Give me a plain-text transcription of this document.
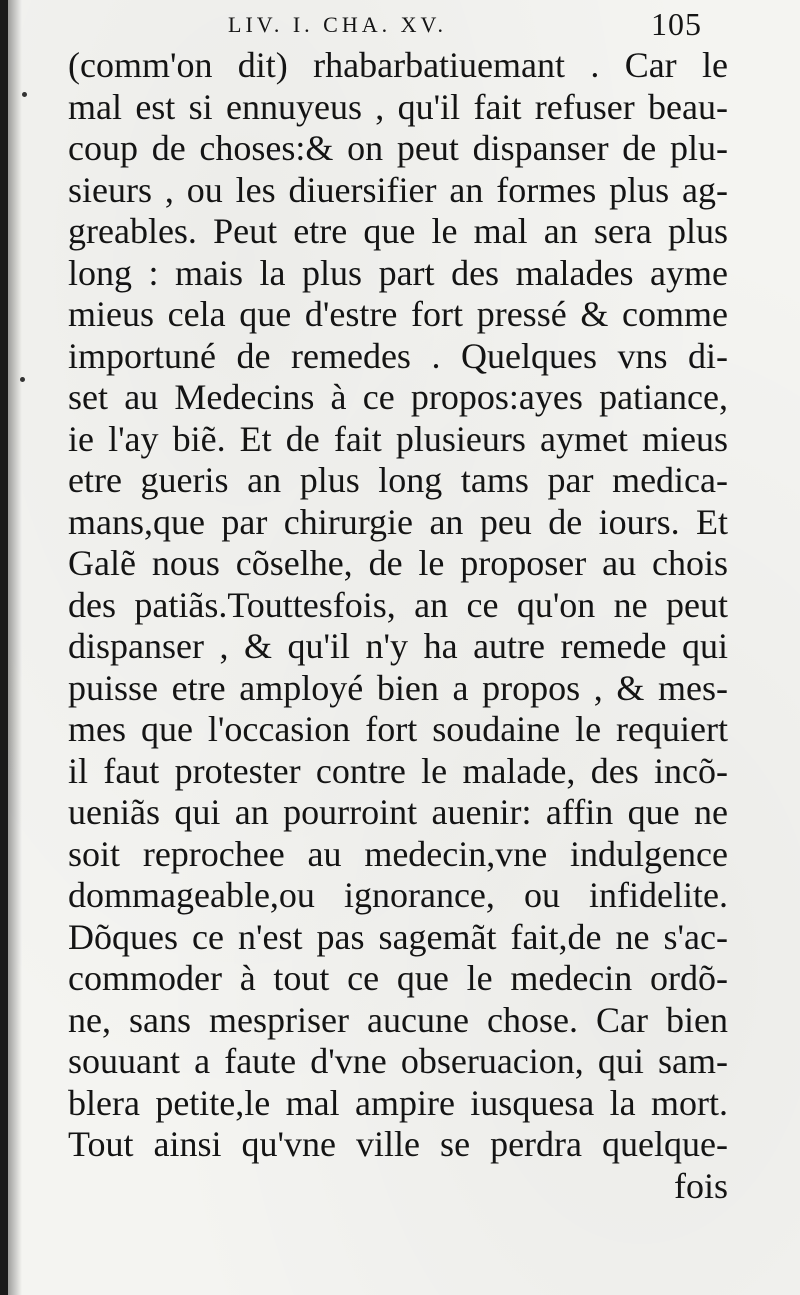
LIV. I. CHA. XV.	105
(comm'on dit) rhabarbatiuemant . Car le
mal est si ennuyeus , qu'il fait refuser beau-
coup de choses:& on peut dispanser de plu-
sieurs , ou les diuersifier an formes plus ag-
greables. Peut etre que le mal an sera plus
long : mais la plus part des malades ayme
mieus cela que d'estre fort pressé & comme
importuné de remedes . Quelques vns di-
set au Medecins à ce propos:ayes patiance,
ie l'ay biẽ. Et de fait plusieurs aymet mieus
etre gueris an plus long tams par medica-
mans,que par chirurgie an peu de iours. Et
Galẽ nous cõselhe, de le proposer au chois
des patiãs.Touttesfois, an ce qu'on ne peut
dispanser , & qu'il n'y ha autre remede qui
puisse etre amployé bien a propos , & mes-
mes que l'occasion fort soudaine le requiert
il faut protester contre le malade, des incõ-
ueniãs qui an pourroint auenir: affin que ne
soit reprochee au medecin,vne indulgence
dommageable,ou ignorance, ou infidelite.
Dõques ce n'est pas sagemãt fait,de ne s'ac-
commoder à tout ce que le medecin ordõ-
ne, sans mespriser aucune chose. Car bien
souuant a faute d'vne obseruacion, qui sam-
blera petite,le mal ampire iusquesa la mort.
Tout ainsi qu'vne ville se perdra quelque-
fois
